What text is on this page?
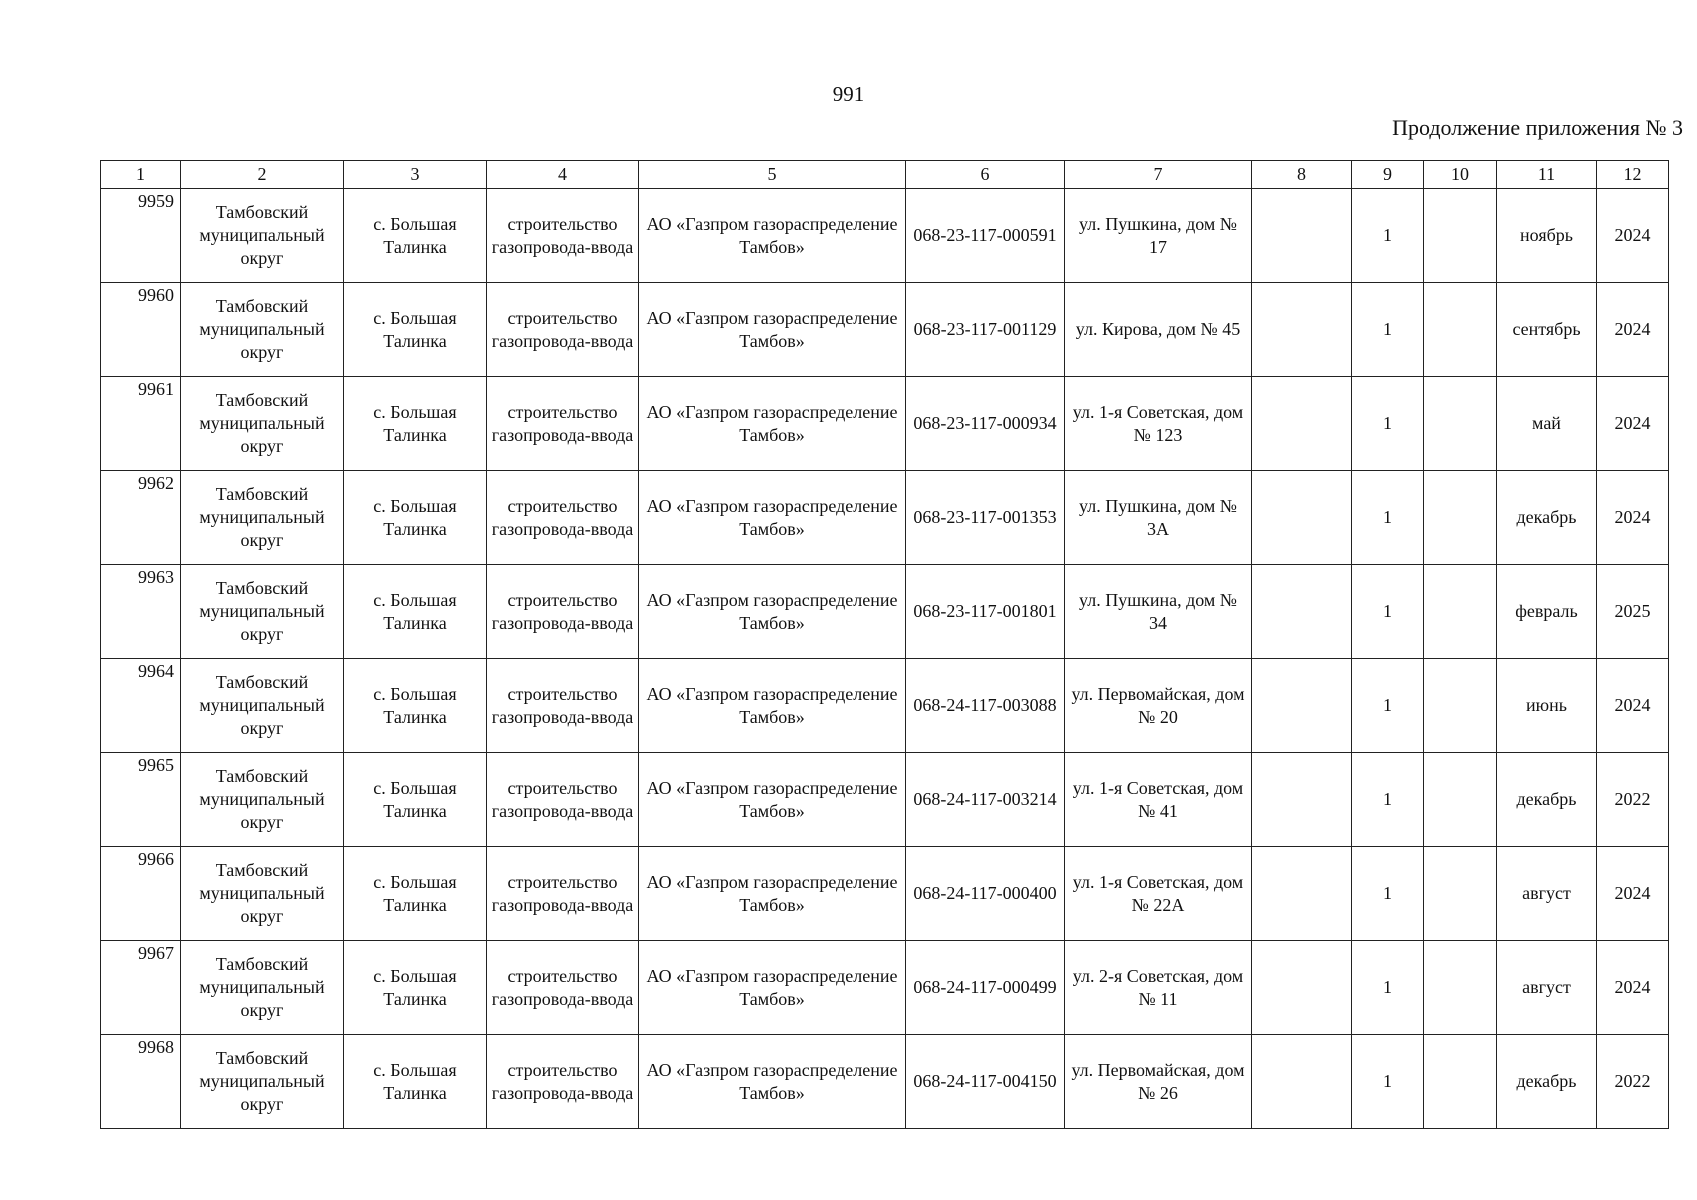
991
Продолжение приложения № 3
1	2	3	4	5	6	7	8	9	10	11	12
9959	Тамбовский муниципальный округ	с. Большая Талинка	строительство газопровода-ввода	АО «Газпром газораспределение Тамбов»	068-23-117-000591	ул. Пушкина, дом № 17		1		ноябрь	2024
9960	Тамбовский муниципальный округ	с. Большая Талинка	строительство газопровода-ввода	АО «Газпром газораспределение Тамбов»	068-23-117-001129	ул. Кирова, дом № 45		1		сентябрь	2024
9961	Тамбовский муниципальный округ	с. Большая Талинка	строительство газопровода-ввода	АО «Газпром газораспределение Тамбов»	068-23-117-000934	ул. 1-я Советская, дом № 123		1		май	2024
9962	Тамбовский муниципальный округ	с. Большая Талинка	строительство газопровода-ввода	АО «Газпром газораспределение Тамбов»	068-23-117-001353	ул. Пушкина, дом № 3А		1		декабрь	2024
9963	Тамбовский муниципальный округ	с. Большая Талинка	строительство газопровода-ввода	АО «Газпром газораспределение Тамбов»	068-23-117-001801	ул. Пушкина, дом № 34		1		февраль	2025
9964	Тамбовский муниципальный округ	с. Большая Талинка	строительство газопровода-ввода	АО «Газпром газораспределение Тамбов»	068-24-117-003088	ул. Первомайская, дом № 20		1		июнь	2024
9965	Тамбовский муниципальный округ	с. Большая Талинка	строительство газопровода-ввода	АО «Газпром газораспределение Тамбов»	068-24-117-003214	ул. 1-я Советская, дом № 41		1		декабрь	2022
9966	Тамбовский муниципальный округ	с. Большая Талинка	строительство газопровода-ввода	АО «Газпром газораспределение Тамбов»	068-24-117-000400	ул. 1-я Советская, дом № 22А		1		август	2024
9967	Тамбовский муниципальный округ	с. Большая Талинка	строительство газопровода-ввода	АО «Газпром газораспределение Тамбов»	068-24-117-000499	ул. 2-я Советская, дом № 11		1		август	2024
9968	Тамбовский муниципальный округ	с. Большая Талинка	строительство газопровода-ввода	АО «Газпром газораспределение Тамбов»	068-24-117-004150	ул. Первомайская, дом № 26		1		декабрь	2022
